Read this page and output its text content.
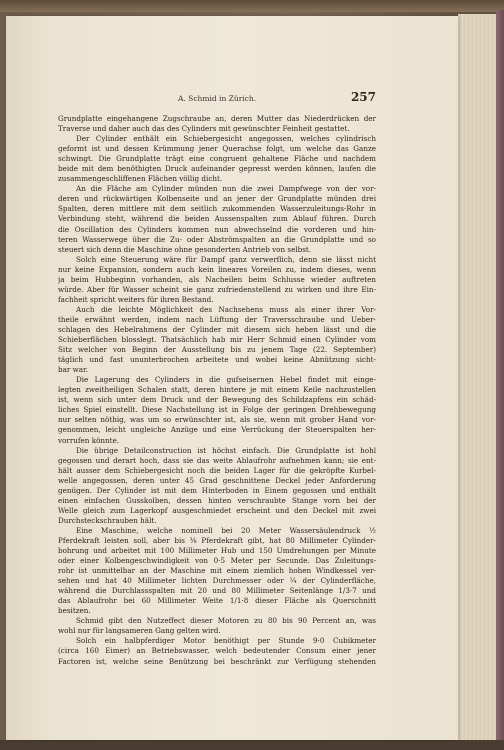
A. Schmid in Zürich.	257
Grundplatte eingehangene Zugschraube an, deren Mutter das Niederdrücken der
Traverse und daher auch das des Cylinders mit gewünschter Feinheit gestattet.
Der Cylinder enthält ein Schiebergesicht angegossen, welches cylindrisch
geformt ist und dessen Krümmung jener Querachse folgt, um welche das Ganze
schwingt. Die Grundplatte trägt eine congruent gehaltene Fläche und nachdem
beide mit dem benöthigten Druck aufeinander gepresst werden können, laufen die
zusammengeschliffenen Flächen völlig dicht.
An die Fläche am Cylinder münden nun die zwei Dampfwege von der vor-
deren und rückwärtigen Kolbenseite und an jener der Grundplatte münden drei
Spalten, deren mittlere mit dem seitlich zukommenden Wasserzuleitungs-Rohr in
Verbindung steht, während die beiden Aussenspalten zum Ablauf führen. Durch
die Oscillation des Cylinders kommen nun abwechselnd die vorderen und hin-
teren Wasserwege über die Zu- oder Abströmspalten an die Grundplatte und so
steuert sich denn die Maschine ohne gesonderten Antrieb von selbst.
Solch eine Steuerung wäre für Dampf ganz verwerflich, denn sie lässt nicht
nur keine Expansion, sondern auch kein lineares Voreilen zu, indem dieses, wenn
ja beim Hubbeginn vorhanden, als Nacheilen beim Schlusse wieder auftreten
würde. Aber für Wasser scheint sie ganz zufriedenstellend zu wirken und ihre Ein-
fachheit spricht weiters für ihren Bestand.
Auch die leichte Möglichkeit des Nachsehens muss als einer ihrer Vor-
theile erwähnt werden, indem nach Lüftung der Traversschraube und Ueber-
schlagen des Hebelrahmens der Cylinder mit diesem sich heben lässt und die
Schieberflächen blosslegt. Thatsächlich hab mir Herr Schmid einen Cylinder vom
Sitz welcher von Beginn der Ausstellung bis zu jenem Tage (22. September)
täglich und fast ununterbrochen arbeitete und wobei keine Abnützung sicht-
bar war.
Die Lagerung des Cylinders in die gufseisernen Hebel findet mit einge-
legten zweitheiligen Schalen statt, deren hintere je mit einem Keile nachzustellen
ist, wenn sich unter dem Druck und der Bewegung des Schildzapfens ein schäd-
liches Spiel einstellt. Diese Nachstellung ist in Folge der geringen Drehbewegung
nur selten nöthig, was um so erwünschter ist, als sie, wenn mit grober Hand vor-
genommen, leicht ungleiche Anzüge und eine Verrückung der Steuerspalten her-
vorrufen könnte.
Die übrige Detailconstruction ist höchst einfach. Die Grundplatte ist hohl
gegossen und derart hoch, dass sie das weite Ablaufrohr aufnehmen kann; sie ent-
hält ausser dem Schiebergesicht noch die beiden Lager für die gekröpfte Kurbel-
welle angegossen, deren unter 45 Grad geschnittene Deckel jeder Anforderung
genügen. Der Cylinder ist mit dem Hinterboden in Einem gegossen und enthält
einen einfachen Gusskolben, dessen hinten verschraubte Stange vorn bei der
Welle gleich zum Lagerkopf ausgeschmiedet erscheint und den Deckel mit zwei
Durchsteckschrauben hält.
Eine Maschine, welche nominell bei 20 Meter Wassersäulendruck ½
Pferdekraft leisten soll, aber bis ⅜ Pferdekraft gibt, hat 80 Millimeter Cylinder-
bohrung und arbeitet mit 100 Millimeter Hub und 150 Umdrehungen per Minute
oder einer Kolbengeschwindigkeit von 0·5 Meter per Secunde. Das Zuleitungs-
rohr ist unmittelbar an der Maschine mit einem ziemlich hohen Windkessel ver-
sehen und hat 40 Millimeter lichten Durchmesser oder ¼ der Cylinderfläche,
während die Durchlassspalten mit 20 und 80 Millimeter Seitenlänge 1/3·7 und
das Ablaufrohr bei 60 Millimeter Weite 1/1·8 dieser Fläche als Querschnitt
besitzen.
Schmid gibt den Nutzeffect dieser Motoren zu 80 bis 90 Percent an, was
wohl nur für langsameren Gang gelten wird.
Solch ein halbpferdiger Motor benöthigt per Stunde 9·0 Cubikmeter
(circa 160 Eimer) an Betriebswasser, welch bedeutender Consum einer jener
Factoren ist, welche seine Benützung bei beschränkt zur Verfügung stehenden
